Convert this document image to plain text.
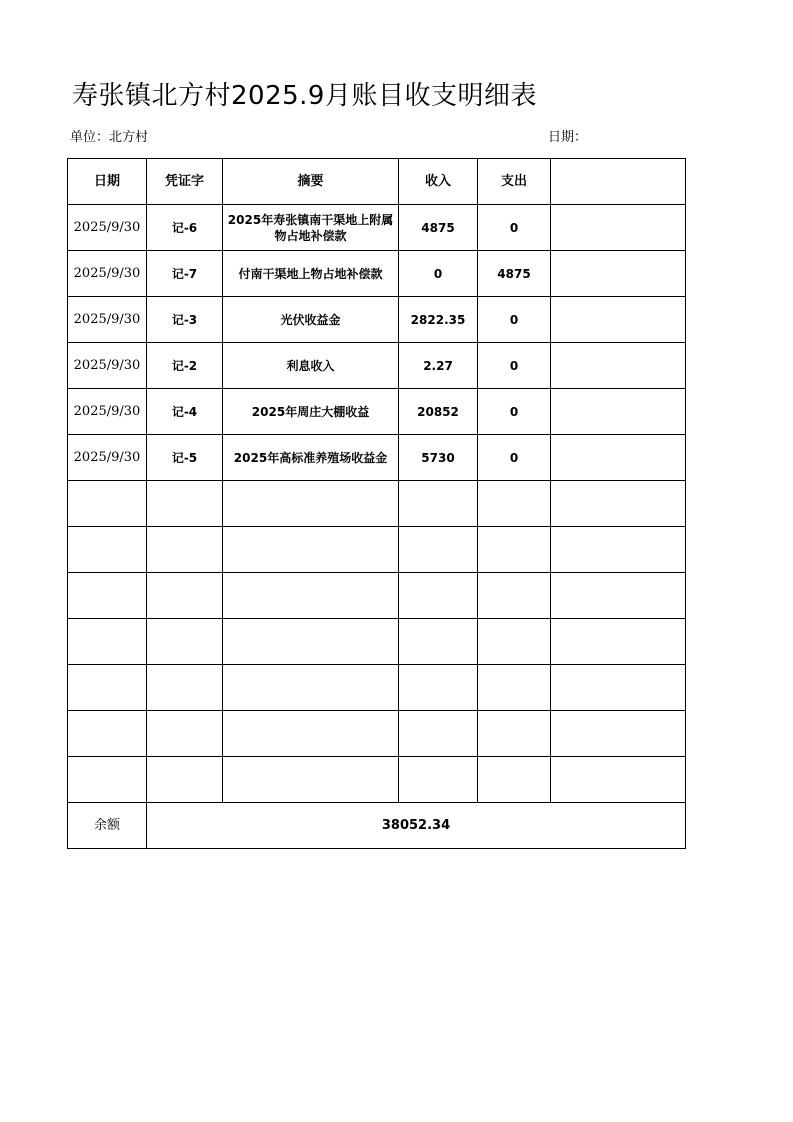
寿张镇北方村2025.9月账目收支明细表
单位：北方村	日期：
日期	凭证字	摘要	收入	支出	
2025/9/30	记-6	2025年寿张镇南干渠地上附属物占地补偿款	4875	0	
2025/9/30	记-7	付南干渠地上物占地补偿款	0	4875	
2025/9/30	记-3	光伏收益金	2822.35	0	
2025/9/30	记-2	利息收入	2.27	0	
2025/9/30	记-4	2025年周庄大棚收益	20852	0	
2025/9/30	记-5	2025年高标准养殖场收益金	5730	0	

余额	38052.34				
